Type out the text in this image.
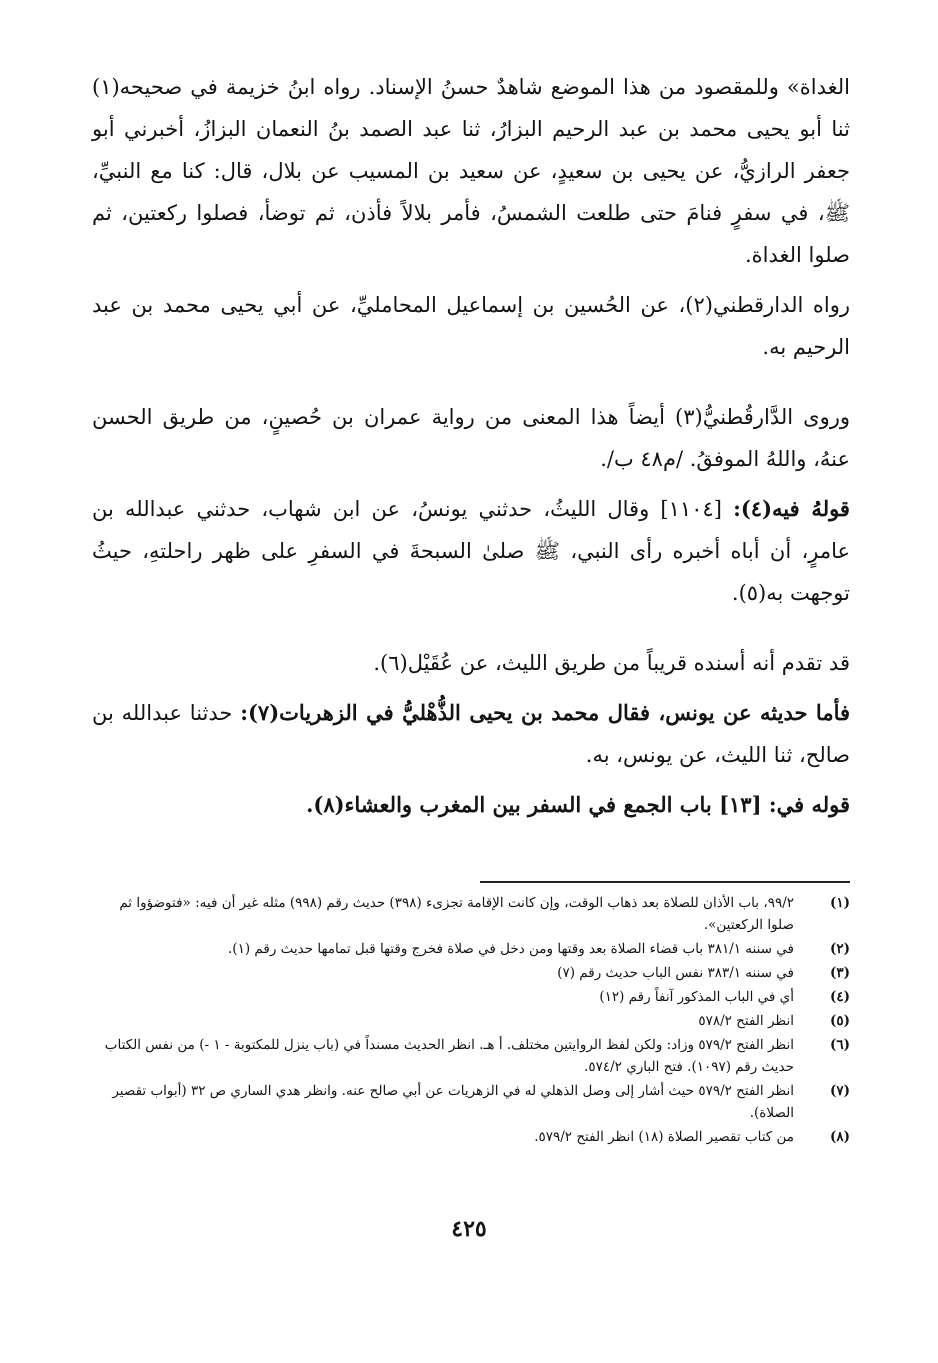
الغداة» وللمقصود من هذا الموضع شاهدٌ حسنُ الإسناد. رواه ابنُ خزيمة في صحيحه(١) ثنا أبو يحيى محمد بن عبد الرحيم البزارُ، ثنا عبد الصمد بنُ النعمان البزازُ، أخبرني أبو جعفر الرازيُّ، عن يحيى بن سعيدٍ، عن سعيد بن المسيب عن بلال، قال: كنا مع النبيِّ، ﷺ، في سفرٍ فنامَ حتى طلعت الشمسُ، فأمر بلالاً فأذن، ثم توضأ، فصلوا ركعتين، ثم صلوا الغداة.

رواه الدارقطني(٢)، عن الحُسين بن إسماعيل المحامليِّ، عن أبي يحيى محمد بن عبد الرحيم به.

وروى الدَّارقُطنيُّ(٣) أيضاً هذا المعنى من رواية عمران بن حُصينٍ، من طريق الحسن عنهُ، واللهُ الموفقُ. /م٤٨ ب/.

قولهُ فيه(٤): [١١٠٤] وقال الليثُ، حدثني يونسُ، عن ابن شهاب، حدثني عبدالله بن عامرٍ، أن أباه أخبره رأى النبي، ﷺ صلىٰ السبحةَ في السفرِ على ظهر راحلتهِ، حيثُ توجهت به(٥).

قد تقدم أنه أسنده قريباً من طريق الليث، عن عُقَيْل(٦).

فأما حديثه عن يونس، فقال محمد بن يحيى الذُّهْليُّ في الزهريات(٧): حدثنا عبدالله بن صالح، ثنا الليث، عن يونس، به.

قوله في: [١٣] باب الجمع في السفر بين المغرب والعشاء(٨).

(١)
٩٩/٢، باب الأذان للصلاة بعد ذهاب الوقت، وإن كانت الإقامة تجزىء (٣٩٨) حديث رقم (٩٩٨) مثله غير أن فيه: «فتوضؤوا ثم صلوا الركعتين».
(٢)
في سننه ٣٨١/١ باب قضاء الصلاة بعد وقتها ومن دخل في صلاة فخرج وقتها قبل تمامها حديث رقم (١).
(٣)
في سننه ٣٨٣/١ نفس الباب حديث رقم (٧)
(٤)
أي في الباب المذكور آنفاً رقم (١٢)
(٥)
انظر الفتح ٥٧٨/٢
(٦)
انظر الفتح ٥٧٩/٢ وزاد: ولكن لفظ الروايتين مختلف. أ هـ. انظر الحديث مسنداً في (باب ينزل للمكتوبة - ١ -) من نفس الكتاب حديث رقم (١٠٩٧). فتح الباري ٥٧٤/٢.
(٧)
انظر الفتح ٥٧٩/٢ حيث أشار إلى وصل الذهلي له في الزهريات عن أبي صالح عنه. وانظر هدي الساري ص ٣٢ (أبواب تقصير الصلاة).
(٨)
من كتاب تقصير الصلاة (١٨) انظر الفتح ٥٧٩/٢.
٤٢٥
